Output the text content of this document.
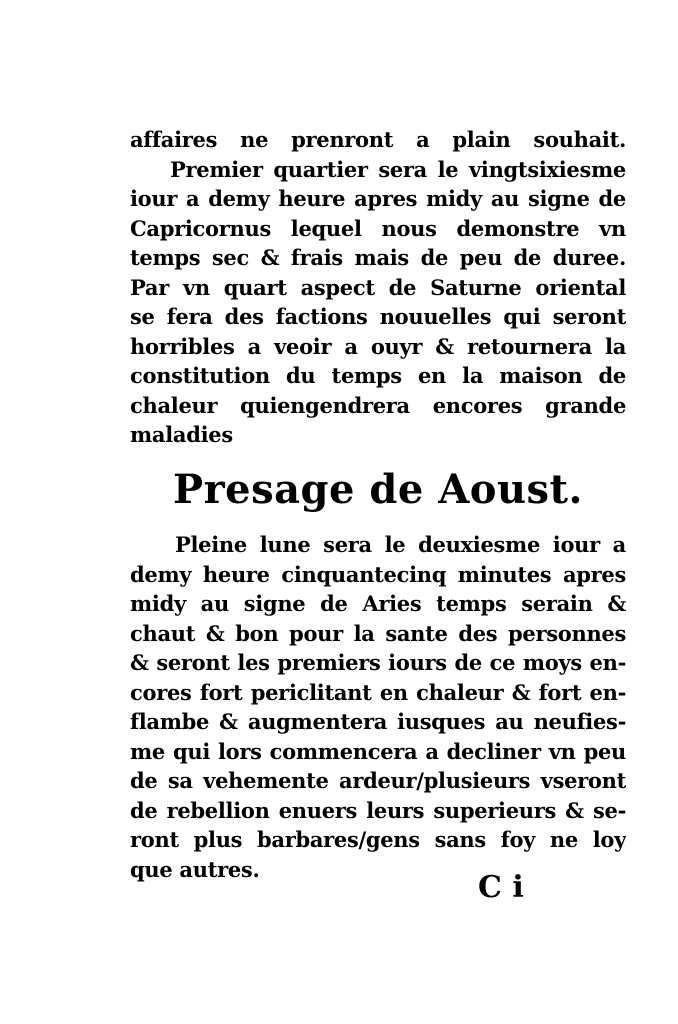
affaires ne prenront a plain souhait.
Premier quartier sera le vingtsixiesme
iour a demy heure apres midy au signe de
Capricornus lequel nous demonstre vn
temps sec & frais mais de peu de duree.
Par vn quart aspect de Saturne oriental
se fera des factions nouuelles qui seront
horribles a veoir a ouyr & retournera la
constitution du temps en la maison de
chaleur quiengendrera encores grande
maladies
Presage de Aoust.
Pleine lune sera le deuxiesme iour a
demy heure cinquantecinq minutes apres
midy au signe de Aries temps serain &
chaut & bon pour la sante des personnes
& seront les premiers iours de ce moys en-
cores fort periclitant en chaleur & fort en-
flambe & augmentera iusques au neufies-
me qui lors commencera a decliner vn peu
de sa vehemente ardeur/plusieurs vseront
de rebellion enuers leurs superieurs & se-
ront plus barbares/gens sans foy ne loy
que autres.
C i
